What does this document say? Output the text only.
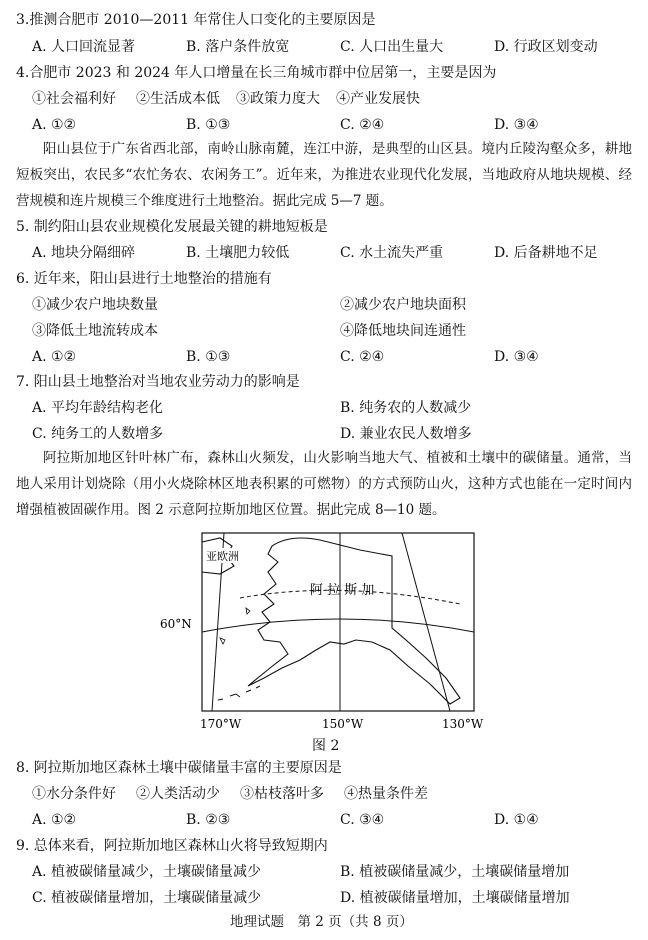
3.推测合肥市 2010—2011 年常住人口变化的主要原因是
A. 人口回流显著	B. 落户条件放宽	C. 人口出生量大	D. 行政区划变动
4.合肥市 2023 和 2024 年人口增量在长三角城市群中位居第一，主要是因为
①社会福利好 ②生活成本低 ③政策力度大 ④产业发展快
A. ①②	B. ①③	C. ②④	D. ③④
阳山县位于广东省西北部，南岭山脉南麓，连江中游，是典型的山区县。境内丘陵沟壑众多，耕地短板突出，农民多“农忙务农、农闲务工”。近年来，为推进农业现代化发展，当地政府从地块规模、经营规模和连片规模三个维度进行土地整治。据此完成 5—7 题。
5. 制约阳山县农业规模化发展最关键的耕地短板是
A. 地块分隔细碎	B. 土壤肥力较低	C. 水土流失严重	D. 后备耕地不足
6. 近年来，阳山县进行土地整治的措施有
①减少农户地块数量	②减少农户地块面积
③降低土地流转成本	④降低地块间连通性
A. ①②	B. ①③	C. ②④	D. ③④
7. 阳山县土地整治对当地农业劳动力的影响是
A. 平均年龄结构老化	B. 纯务农的人数减少
C. 纯务工的人数增多	D. 兼业农民人数增多
阿拉斯加地区针叶林广布，森林山火频发，山火影响当地大气、植被和土壤中的碳储量。通常，当地人采用计划烧除（用小火烧除林区地表积累的可燃物）的方式预防山火，这种方式也能在一定时间内增强植被固碳作用。图 2 示意阿拉斯加地区位置。据此完成 8—10 题。
亚欧洲
阿 拉 斯 加
60°N
170°W	150°W	130°W
图 2
8. 阿拉斯加地区森林土壤中碳储量丰富的主要原因是
①水分条件好 ②人类活动少 ③枯枝落叶多 ④热量条件差
A. ①②	B. ②③	C. ③④	D. ①④
9. 总体来看，阿拉斯加地区森林山火将导致短期内
A. 植被碳储量减少，土壤碳储量减少	B. 植被碳储量减少，土壤碳储量增加
C. 植被碳储量增加，土壤碳储量减少	D. 植被碳储量增加，土壤碳储量增加
地理试题　第 2 页（共 8 页）
